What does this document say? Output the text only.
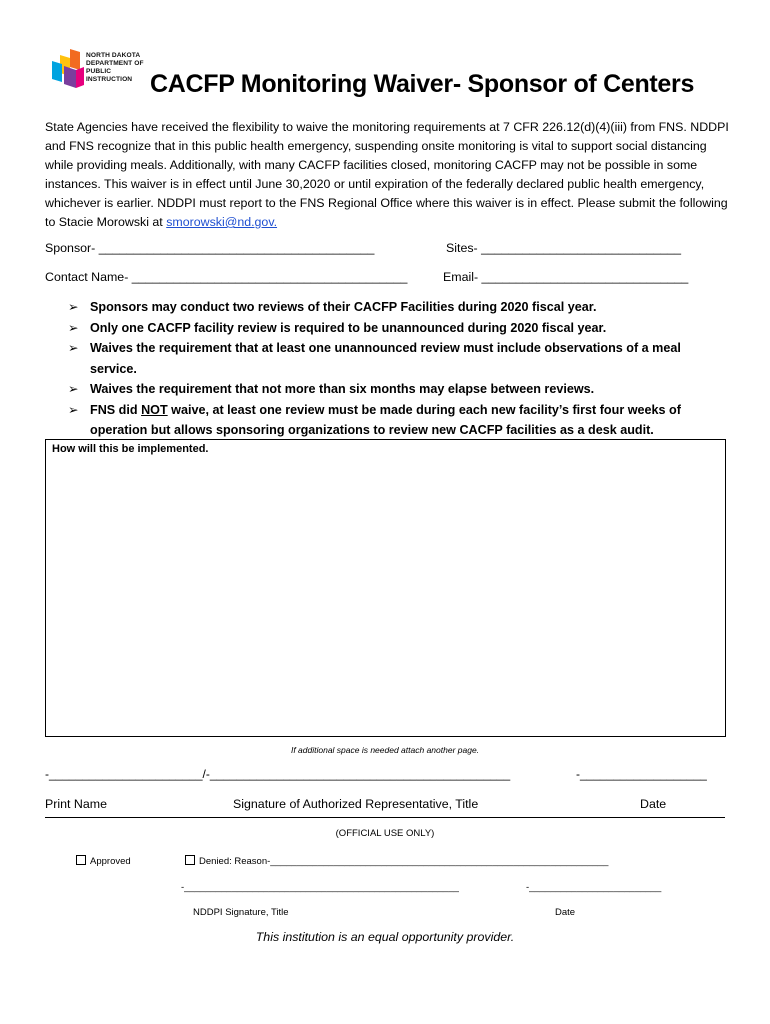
NORTH DAKOTA
DEPARTMENT OF
PUBLIC
INSTRUCTION CACFP Monitoring Waiver- Sponsor of Centers
State Agencies have received the flexibility to waive the monitoring requirements at 7 CFR 226.12(d)(4)(iii) from FNS. NDDPI and FNS recognize that in this public health emergency, suspending onsite monitoring is vital to support social distancing while providing meals. Additionally, with many CACFP facilities closed, monitoring CACFP may not be possible in some instances. This waiver is in effect until June 30,2020 or until expiration of the federally declared public health emergency, whichever is earlier. NDDPI must report to the FNS Regional Office where this waiver is in effect. Please submit the following to Stacie Morowski at smorowski@nd.gov.
Sponsor- ________________________________________	Sites- _____________________________
Contact Name- ________________________________________	Email- ______________________________
➢ Sponsors may conduct two reviews of their CACFP Facilities during 2020 fiscal year.
➢ Only one CACFP facility review is required to be unannounced during 2020 fiscal year.
➢ Waives the requirement that at least one unannounced review must include observations of a meal service.
➢ Waives the requirement that not more than six months may elapse between reviews.
➢ FNS did NOT waive, at least one review must be made during each new facility’s first four weeks of operation but allows sponsoring organizations to review new CACFP facilities as a desk audit.
How will this be implemented.
If additional space is needed attach another page.
-_______________________/-_____________________________________________	-___________________
Print Name	Signature of Authorized Representative, Title	Date
(OFFICIAL USE ONLY)
Approved	Denied: Reason-________________________________________________________________
-____________________________________________________	-_________________________
NDDPI Signature, Title	Date
This institution is an equal opportunity provider.
